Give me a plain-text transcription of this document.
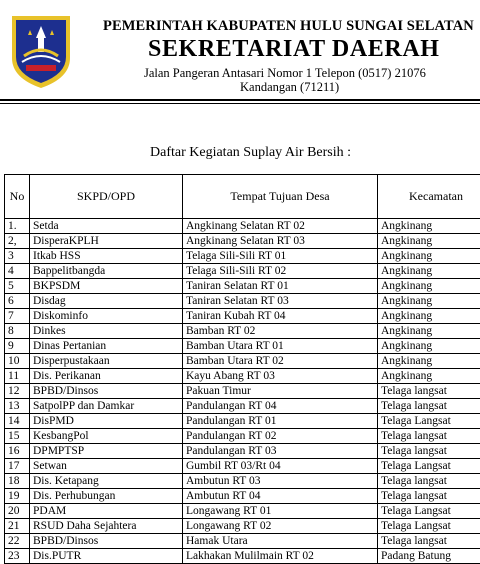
PEMERINTAH KABUPATEN HULU SUNGAI SELATAN
SEKRETARIAT DAERAH
Jalan Pangeran Antasari Nomor 1 Telepon (0517) 21076
Kandangan (71211)
Daftar Kegiatan Suplay Air Bersih :
No	SKPD/OPD	Tempat Tujuan Desa	Kecamatan
1.	Setda	Angkinang Selatan RT 02	Angkinang
2,	DisperaKPLH	Angkinang Selatan RT 03	Angkinang
3	Itkab HSS	Telaga Sili-Sili RT 01	Angkinang
4	Bappelitbangda	Telaga Sili-Sili RT 02	Angkinang
5	BKPSDM	Taniran Selatan RT 01	Angkinang
6	Disdag	Taniran Selatan RT 03	Angkinang
7	Diskominfo	Taniran Kubah RT 04	Angkinang
8	Dinkes	Bamban RT 02	Angkinang
9	Dinas Pertanian	Bamban Utara RT 01	Angkinang
10	Disperpustakaan	Bamban Utara RT 02	Angkinang
11	Dis. Perikanan	Kayu Abang RT 03	Angkinang
12	BPBD/Dinsos	Pakuan Timur	Telaga langsat
13	SatpolPP dan Damkar	Pandulangan RT 04	Telaga langsat
14	DisPMD	Pandulangan RT 01	Telaga Langsat
15	KesbangPol	Pandulangan RT 02	Telaga langsat
16	DPMPTSP	Pandulangan RT 03	Telaga langsat
17	Setwan	Gumbil RT 03/Rt 04	Telaga Langsat
18	Dis. Ketapang	Ambutun RT 03	Telaga langsat
19	Dis. Perhubungan	Ambutun RT 04	Telaga langsat
20	PDAM	Longawang RT 01	Telaga Langsat
21	RSUD Daha Sejahtera	Longawang RT 02	Telaga Langsat
22	BPBD/Dinsos	Hamak Utara	Telaga langsat
23	Dis.PUTR	Lakhakan Mulilmain RT 02	Padang Batung
